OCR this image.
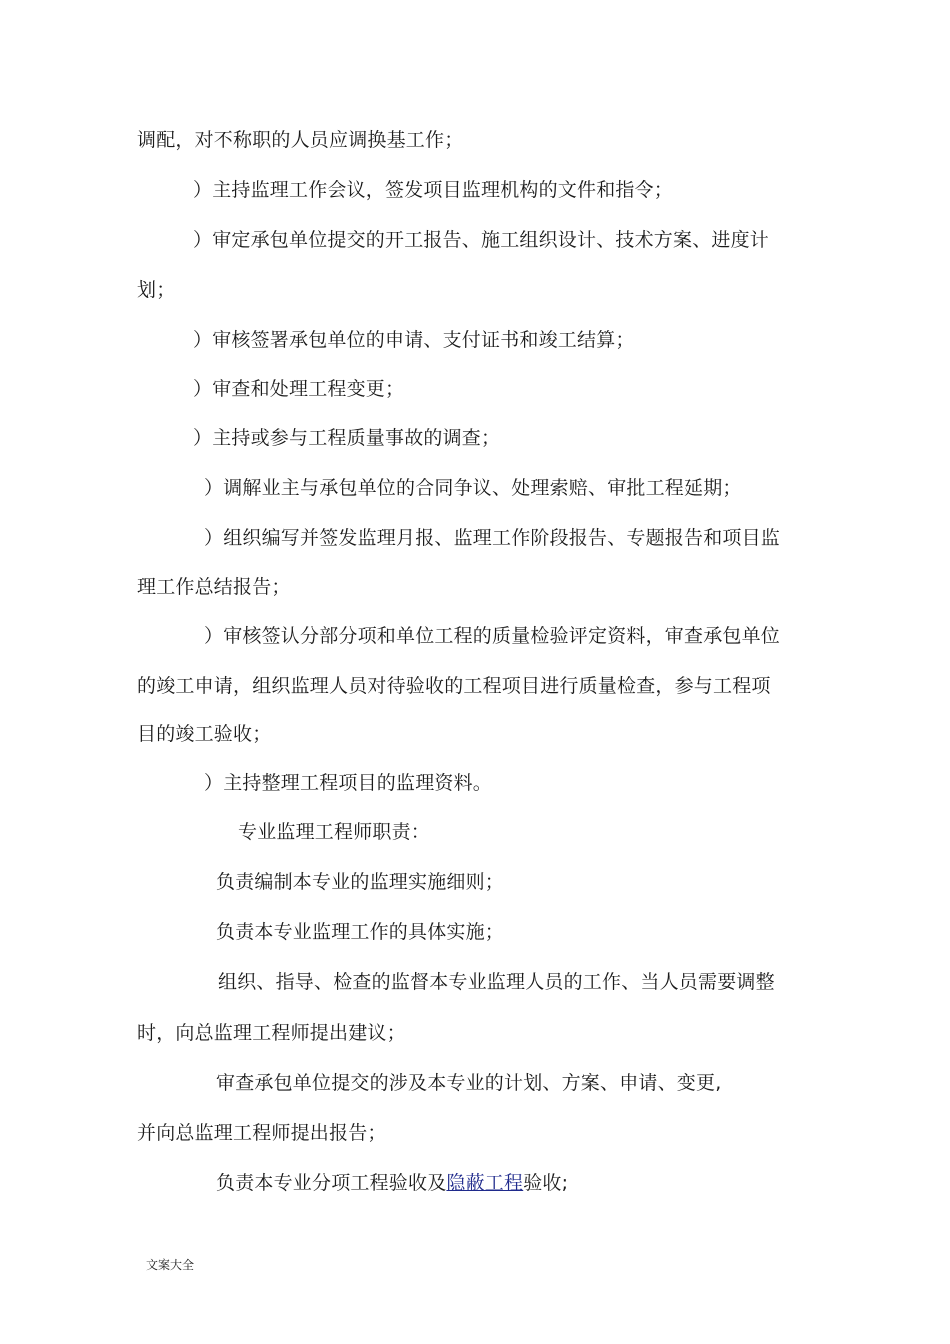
调配，对不称职的人员应调换基工作；
）主持监理工作会议，签发项目监理机构的文件和指令；
）审定承包单位提交的开工报告、施工组织设计、技术方案、进度计
划；
）审核签署承包单位的申请、支付证书和竣工结算；
）审查和处理工程变更；
）主持或参与工程质量事故的调查；
）调解业主与承包单位的合同争议、处理索赔、审批工程延期；
）组织编写并签发监理月报、监理工作阶段报告、专题报告和项目监
理工作总结报告；
）审核签认分部分项和单位工程的质量检验评定资料，审查承包单位
的竣工申请，组织监理人员对待验收的工程项目进行质量检查，参与工程项
目的竣工验收；
）主持整理工程项目的监理资料。
专业监理工程师职责：
负责编制本专业的监理实施细则；
负责本专业监理工作的具体实施；
组织、指导、检查的监督本专业监理人员的工作、当人员需要调整
时，向总监理工程师提出建议；
审查承包单位提交的涉及本专业的计划、方案、申请、变更,
并向总监理工程师提出报告；
负责本专业分项工程验收及隐蔽工程验收;
文案大全
